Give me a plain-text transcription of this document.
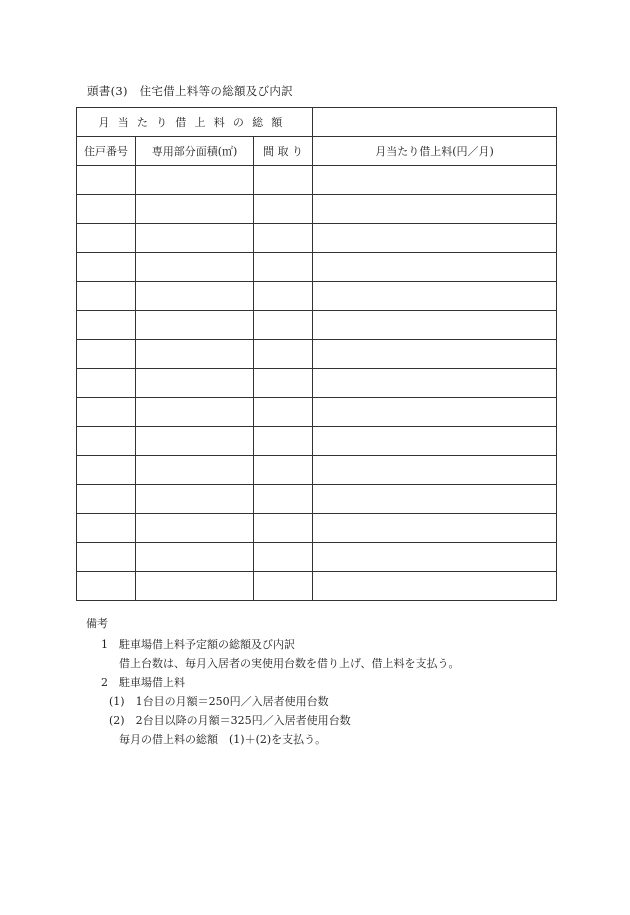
頭書(3)　住宅借上料等の総額及び内訳
月当たり借上料の総額			
住戸番号	専用部分面積(㎡)	間 取 り	月当たり借上料(円／月)

備考
1　駐車場借上料予定額の総額及び内訳
借上台数は、毎月入居者の実使用台数を借り上げ、借上料を支払う。
2　駐車場借上料
(1)　1台目の月額＝250円／入居者使用台数
(2)　2台目以降の月額＝325円／入居者使用台数
毎月の借上料の総額　(1)＋(2)を支払う。
